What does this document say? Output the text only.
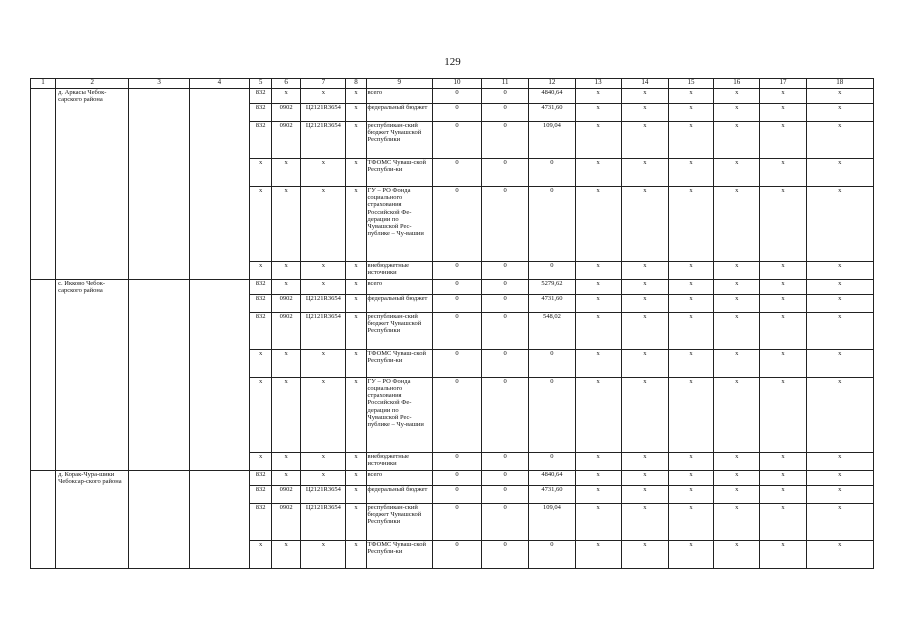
129
1	2	3	4	5	6	7	8	9	10	11	12	13	14	15	16	17	18
	д. Аркасы Чебок-сарского района			832	х	х	х	всего	0	0	4840,64	х	х	х	х	х	х
				832	0902	Ц2121R3654	х	федеральный бюджет	0	0	4731,60	х	х	х	х	х	х
				832	0902	Ц2121R3654	х	республикан-ский бюджет Чувашской Республики	0	0	109,04	х	х	х	х	х	х
				х	х	х	х	ТФОМС Чуваш-ской Республи-ки	0	0	0	х	х	х	х	х	х
				х	х	х	х	ГУ – РО Фонда социального страхования Российской Фе-дерации по Чувашской Рес-публике – Чу-вашии	0	0	0	х	х	х	х	х	х
				х	х	х	х	внебюджетные источники	0	0	0	х	х	х	х	х	х
	с. Икково Чебок-сарского района			832	х	х	х	всего	0	0	5279,62	х	х	х	х	х	х
				832	0902	Ц2121R3654	х	федеральный бюджет	0	0	4731,60	х	х	х	х	х	х
				832	0902	Ц2121R3654	х	республикан-ский бюджет Чувашской Республики	0	0	548,02	х	х	х	х	х	х
				х	х	х	х	ТФОМС Чуваш-ской Республи-ки	0	0	0	х	х	х	х	х	х
				х	х	х	х	ГУ – РО Фонда социального страхования Российской Фе-дерации по Чувашской Рес-публике – Чу-вашии	0	0	0	х	х	х	х	х	х
				х	х	х	х	внебюджетные источники	0	0	0	х	х	х	х	х	х
	д. Корак-Чура-шики Чебоксар-ского района			832	х	х	х	всего	0	0	4840,64	х	х	х	х	х	х
				832	0902	Ц2121R3654	х	федеральный бюджет	0	0	4731,60	х	х	х	х	х	х
				832	0902	Ц2121R3654	х	республикан-ский бюджет Чувашской Республики	0	0	109,04	х	х	х	х	х	х
				х	х	х	х	ТФОМС Чуваш-ской Республи-ки	0	0	0	х	х	х	х	х	х
